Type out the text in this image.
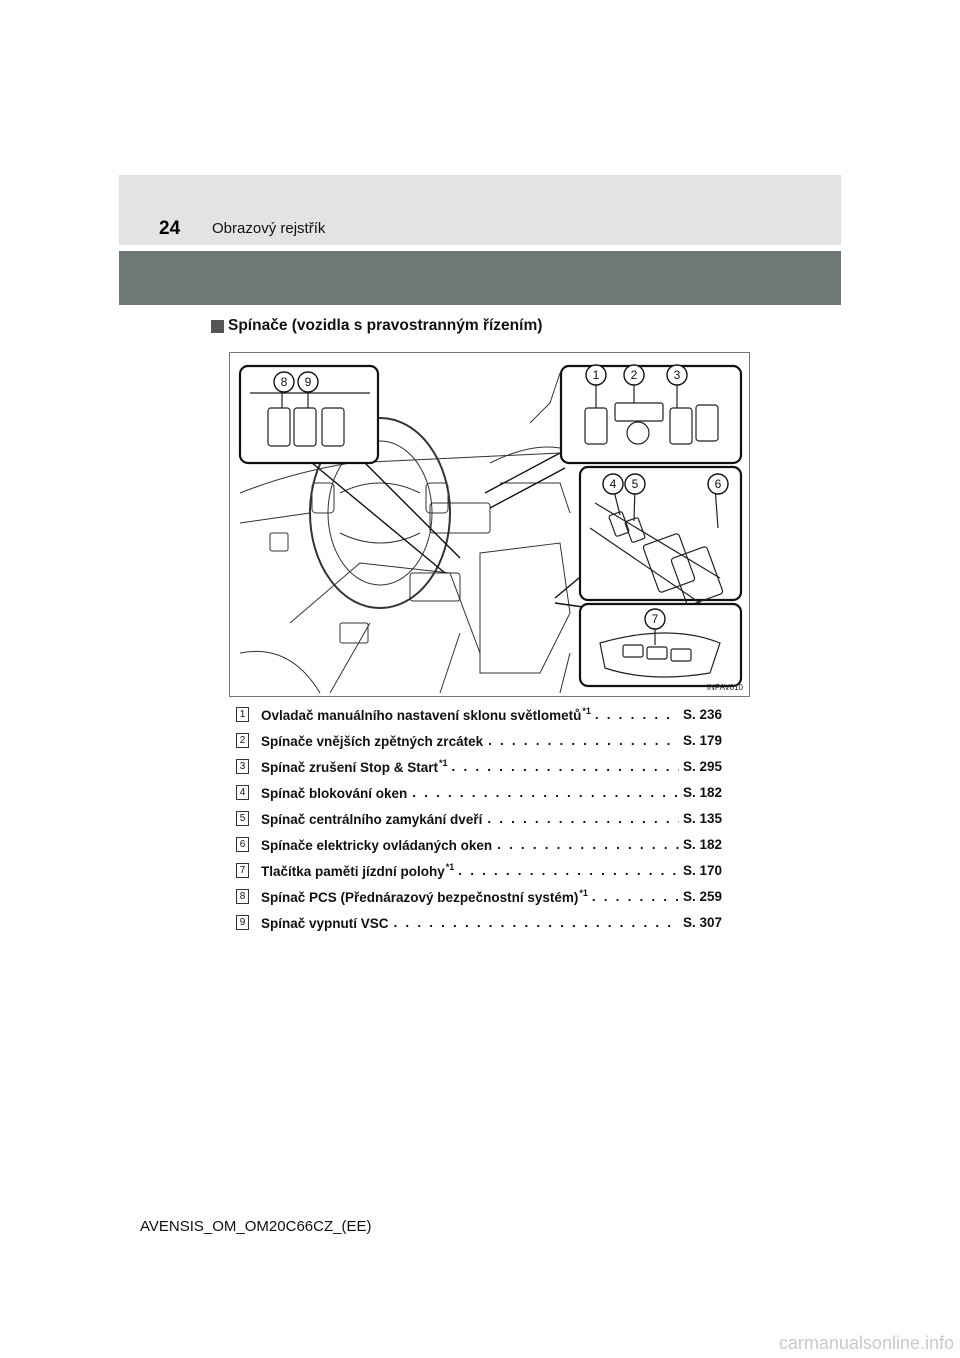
24 Obrazový rejstřík
Spínače (vozidla s pravostranným řízením)
8 9	1	2	3
4 5	6
7
INPAV010
1 Ovladač manuálního nastavení sklonu světlometů$^{*1}$ . . .	S. 236
2 Spínače vnějších zpětných zrcátek . . .	S. 179
3 Spínač zrušení Stop & Start$^{*1}$ . . .	S. 295
4 Spínač blokování oken . . .	S. 182
5 Spínač centrálního zamykání dveří . . .	S. 135
6 Spínače elektricky ovládaných oken . . .	S. 182
7 Tlačítka paměti jízdní polohy$^{*1}$ . . .	S. 170
8 Spínač PCS (Přednárazový bezpečnostní systém)$^{*1}$ . . .	S. 259
9 Spínač vypnutí VSC . . .	S. 307
AVENSIS_OM_OM20C66CZ_(EE)
carmanualsonline.info
